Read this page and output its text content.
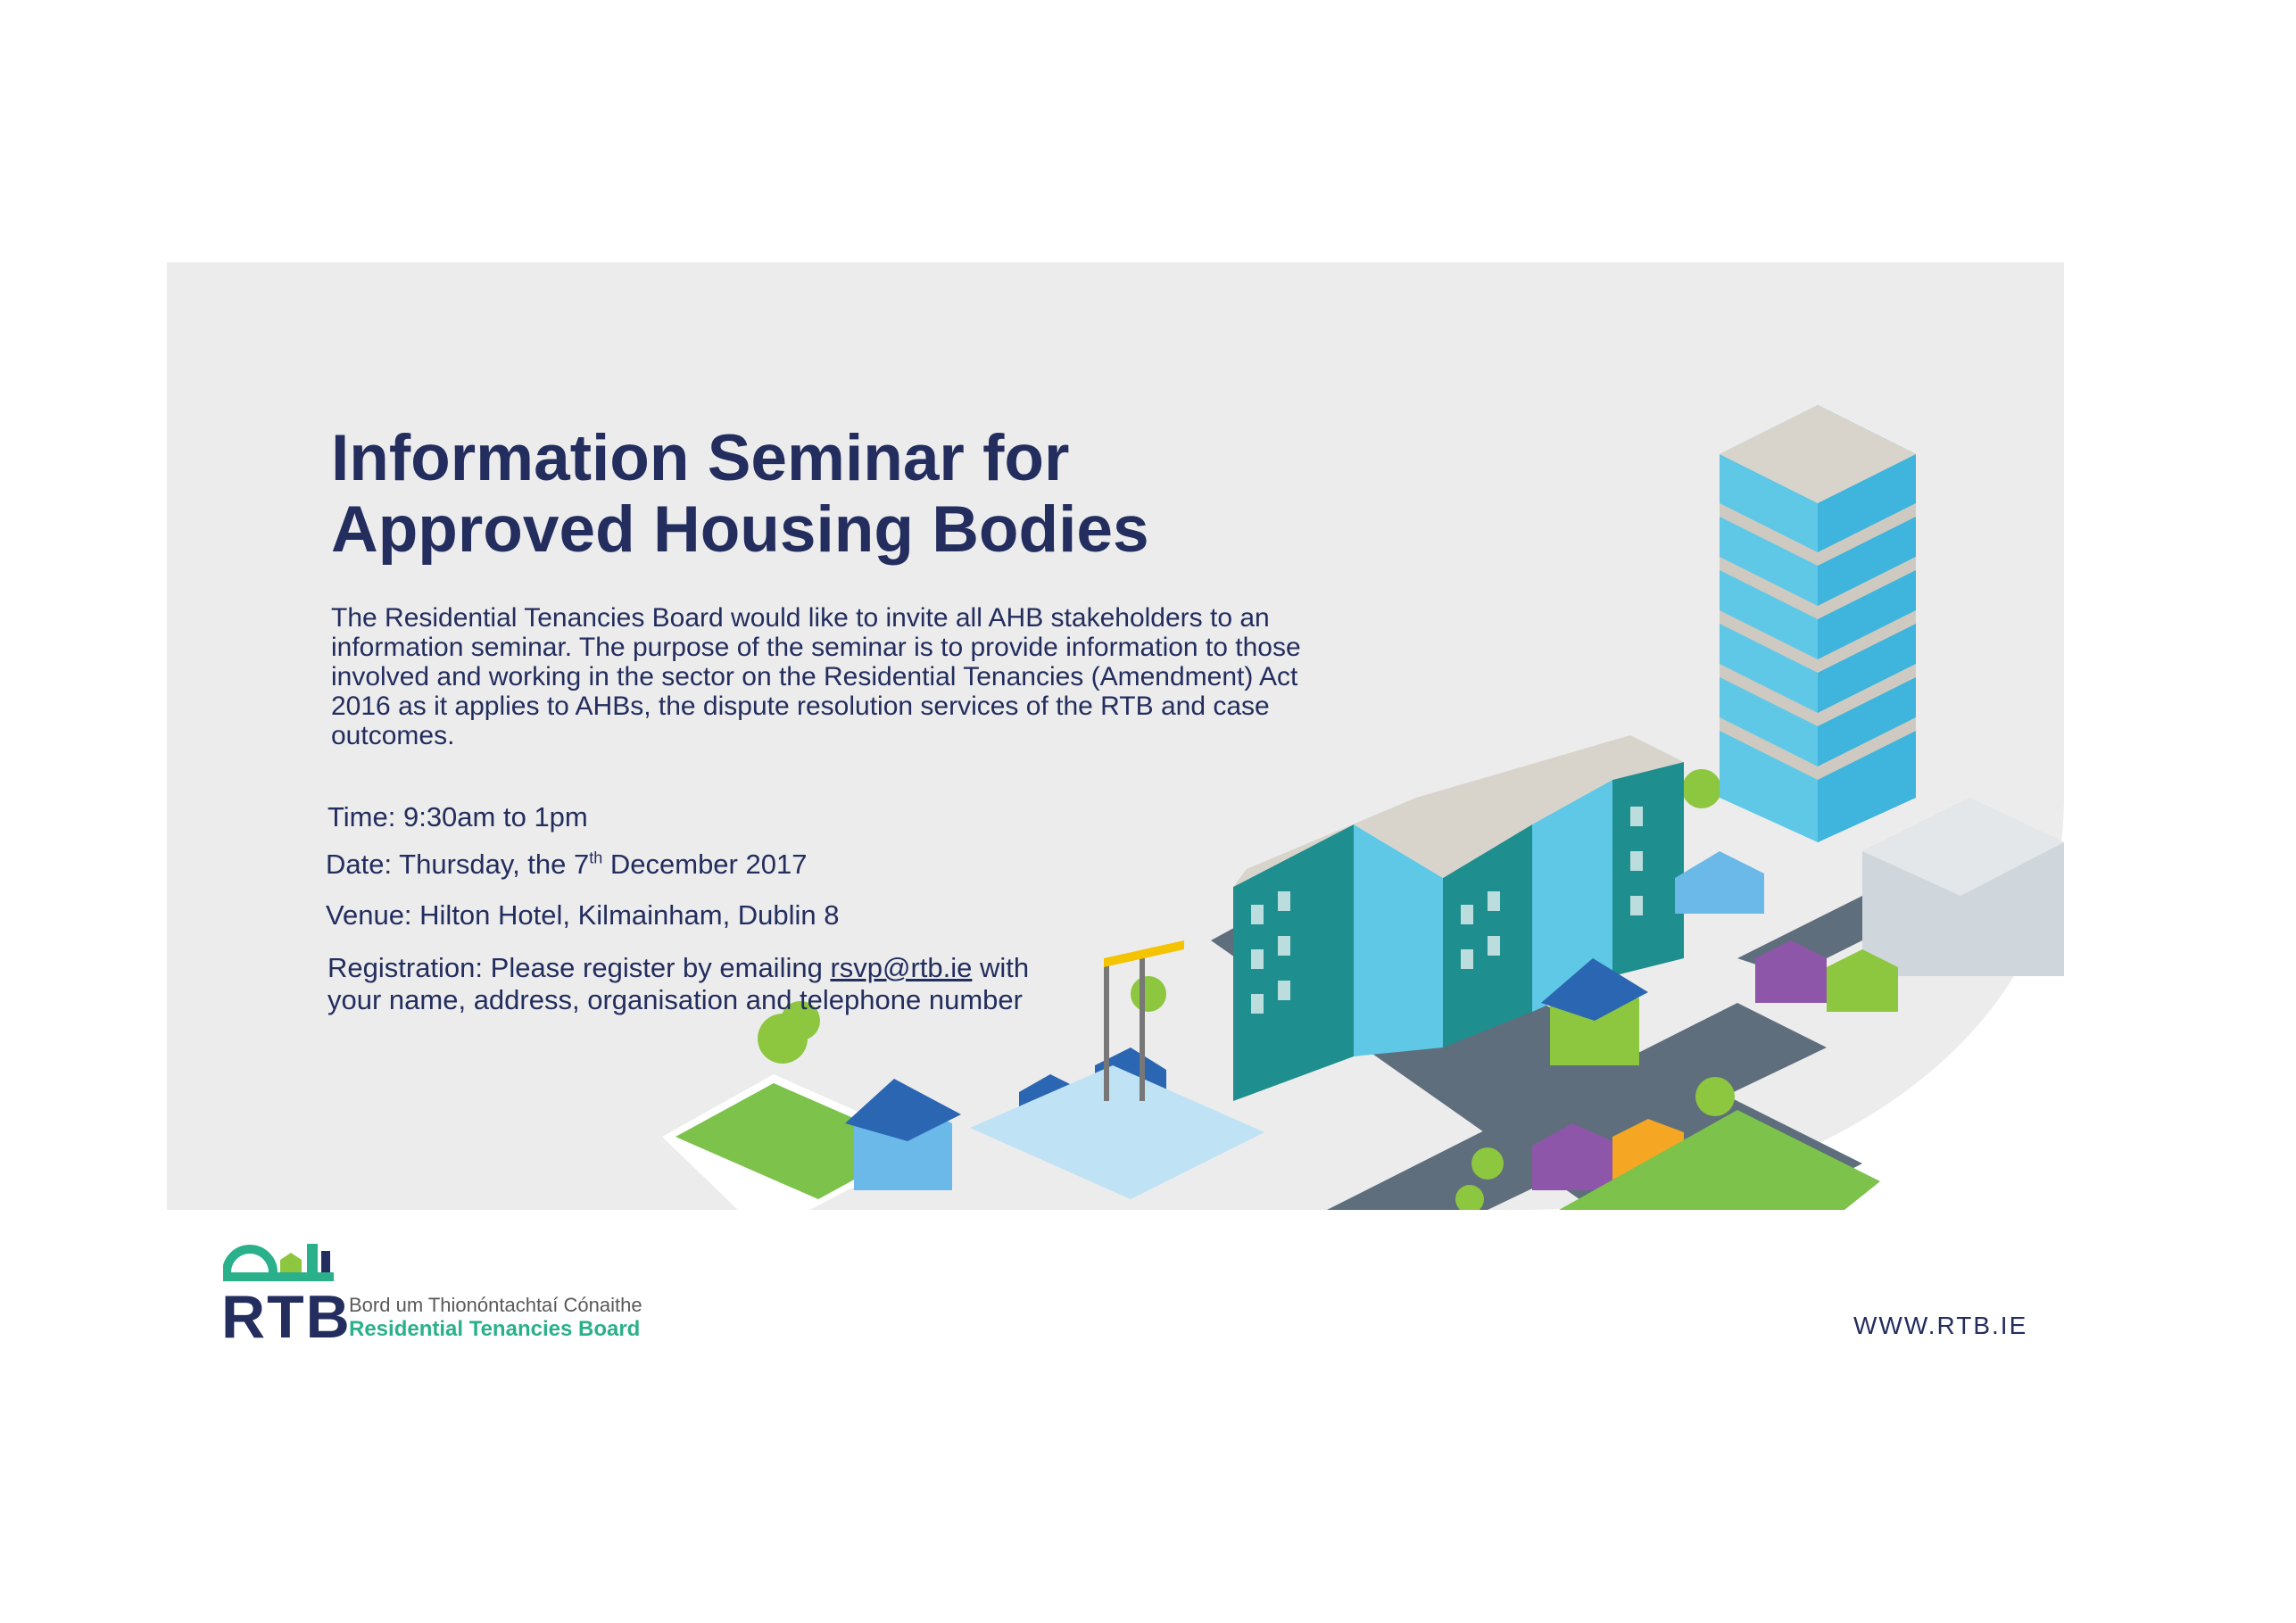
Information Seminar for
Approved Housing Bodies

The Residential Tenancies Board would like to invite all AHB stakeholders to an
information seminar. The purpose of the seminar is to provide information to those
involved and working in the sector on the Residential Tenancies (Amendment) Act
2016 as it applies to AHBs, the dispute resolution services of the RTB and case
outcomes.

Time: 9:30am to 1pm

Date: Thursday, the 7th December 2017

Venue: Hilton Hotel, Kilmainham, Dublin 8

Registration: Please register by emailing rsvp@rtb.ie with
your name, address, organisation and telephone number

RTB
Bord um Thionóntachtaí Cónaithe
Residential Tenancies Board	WWW.RTB.IE
